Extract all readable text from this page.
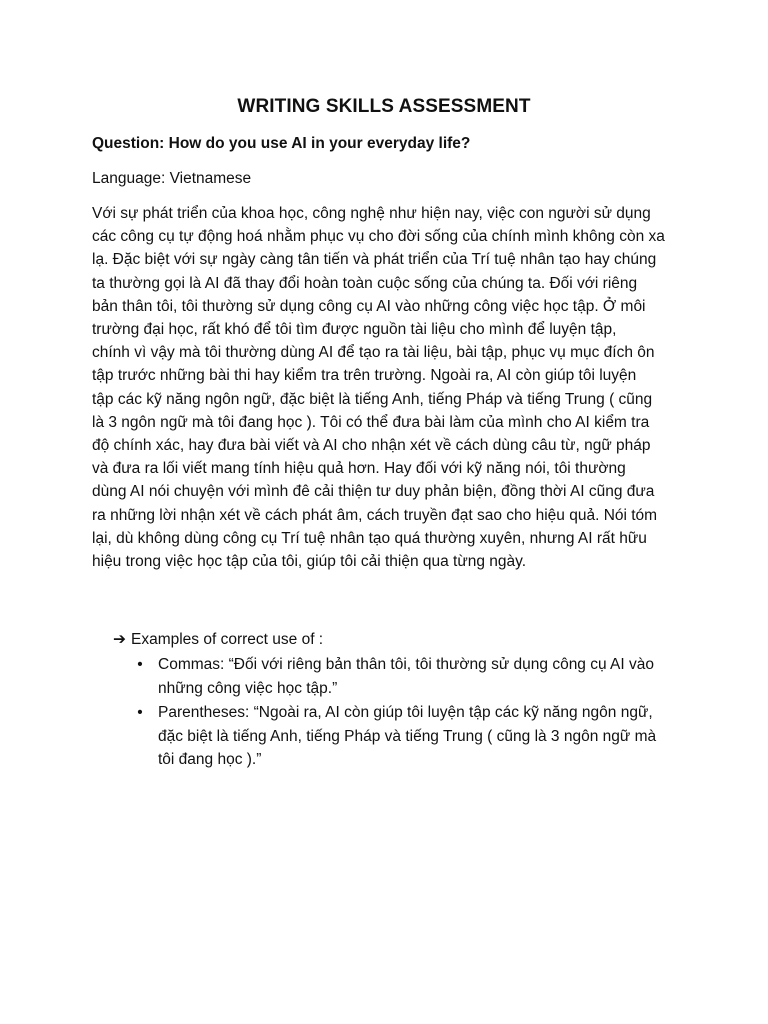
WRITING SKILLS ASSESSMENT
Question: How do you use AI in your everyday life?
Language: Vietnamese
Với sự phát triển của khoa học, công nghệ như hiện nay, việc con người sử dụng
các công cụ tự động hoá nhằm phục vụ cho đời sống của chính mình không còn xa
lạ. Đặc biệt với sự ngày càng tân tiến và phát triển của Trí tuệ nhân tạo hay chúng
ta thường gọi là AI đã thay đổi hoàn toàn cuộc sống của chúng ta. Đối với riêng
bản thân tôi, tôi thường sử dụng công cụ AI vào những công việc học tập. Ở môi
trường đại học, rất khó để tôi tìm được nguồn tài liệu cho mình để luyện tập,
chính vì vậy mà tôi thường dùng AI để tạo ra tài liệu, bài tập, phục vụ mục đích ôn
tập trước những bài thi hay kiểm tra trên trường. Ngoài ra, AI còn giúp tôi luyện
tập các kỹ năng ngôn ngữ, đặc biệt là tiếng Anh, tiếng Pháp và tiếng Trung ( cũng
là 3 ngôn ngữ mà tôi đang học ). Tôi có thể đưa bài làm của mình cho AI kiểm tra
độ chính xác, hay đưa bài viết và AI cho nhận xét về cách dùng câu từ, ngữ pháp
và đưa ra lối viết mang tính hiệu quả hơn. Hay đối với kỹ năng nói, tôi thường
dùng AI nói chuyện với mình đê cải thiện tư duy phản biện, đồng thời AI cũng đưa
ra những lời nhận xét về cách phát âm, cách truyền đạt sao cho hiệu quả. Nói tóm
lại, dù không dùng công cụ Trí tuệ nhân tạo quá thường xuyên, nhưng AI rất hữu
hiệu trong việc học tập của tôi, giúp tôi cải thiện qua từng ngày.
➔ Examples of correct use of :
• Commas: “Đối với riêng bản thân tôi, tôi thường sử dụng công cụ AI vào
những công việc học tập.”
• Parentheses: “Ngoài ra, AI còn giúp tôi luyện tập các kỹ năng ngôn ngữ,
đặc biệt là tiếng Anh, tiếng Pháp và tiếng Trung ( cũng là 3 ngôn ngữ mà
tôi đang học ).”
